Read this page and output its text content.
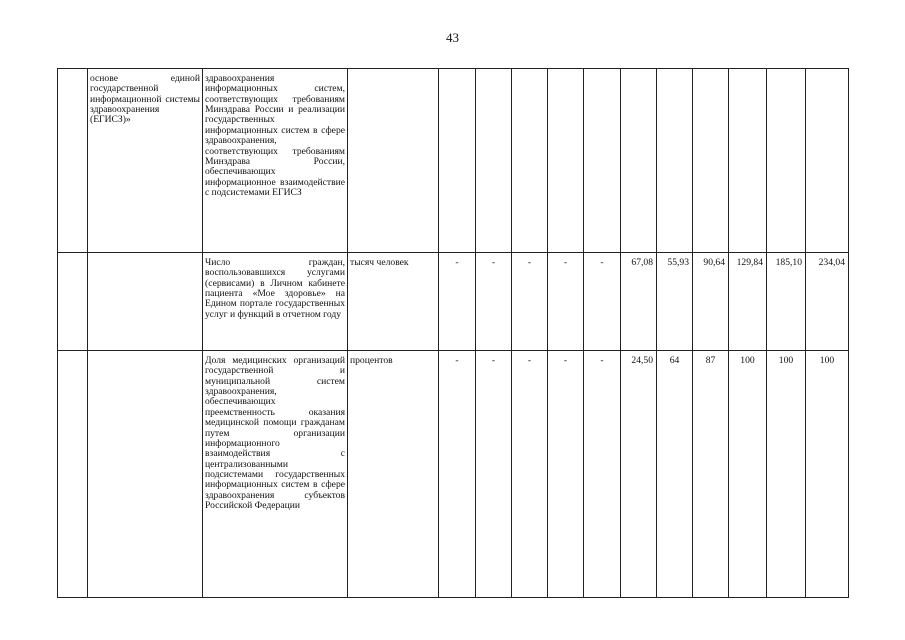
43
	основе единой государственной информационной системы здравоохранения (ЕГИСЗ)»	здравоохранения информационных систем, соответствующих требованиям Минздрава России и реализации государственных информационных систем в сфере здравоохранения, соответствующих требованиям Минздрава России, обеспечивающих информационное взаимодействие с подсистемами ЕГИСЗ												
		Число граждан, воспользовавшихся услугами (сервисами) в Личном кабинете пациента «Мое здоровье» на Едином портале государственных услуг и функций в отчетном году	тысяч человек	-	-	-	-	-	67,08	55,93	90,64	129,84	185,10	234,04
		Доля медицинских организаций государственной и муниципальной систем здравоохранения, обеспечивающих преемственность оказания медицинской помощи гражданам путем организации информационного взаимодействия с централизованными подсистемами государственных информационных систем в сфере здравоохранения субъектов Российской Федерации	процентов	-	-	-	-	-	24,50	64	87	100	100	100
